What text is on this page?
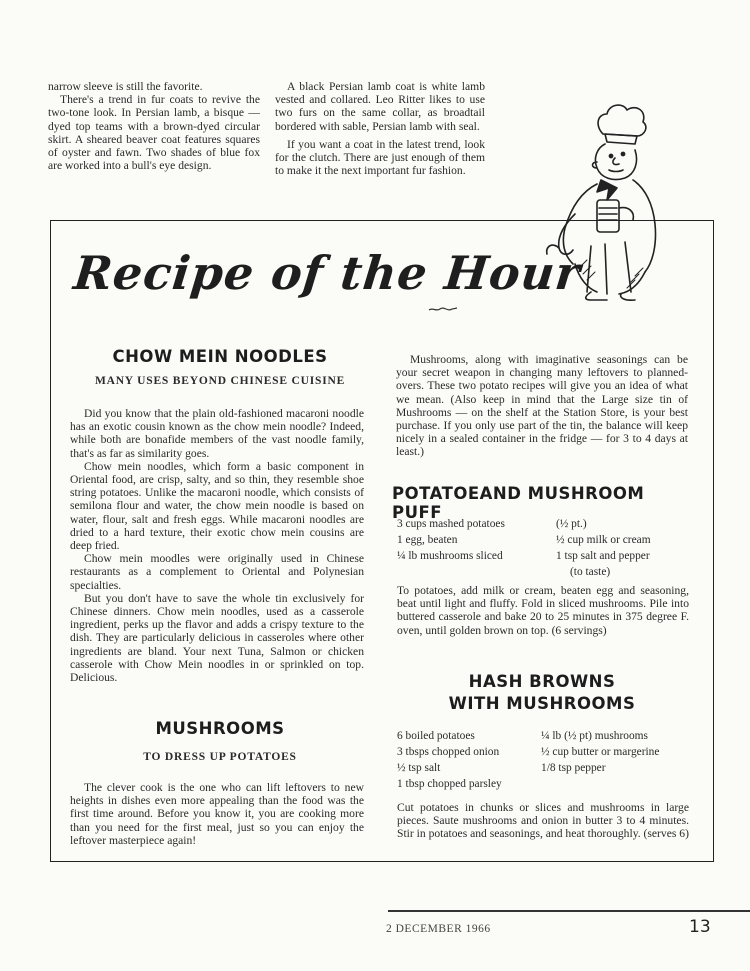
narrow sleeve is still the favorite.

There's a trend in fur coats to revive the two-tone look. In Persian lamb, a bisque — dyed top teams with a brown-dyed circular skirt. A sheared beaver coat features squares of oyster and fawn. Two shades of blue fox are worked into a bull's eye design.

A black Persian lamb coat is white lamb vested and collared. Leo Ritter likes to use two furs on the same collar, as broadtail bordered with sable, Persian lamb with seal.

If you want a coat in the latest trend, look for the clutch. There are just enough of them to make it the next important fur fashion.

Recipe of the Hour
CHOW MEIN NOODLES
MANY USES BEYOND CHINESE CUISINE

Did you know that the plain old-fashioned macaroni noodle has an exotic cousin known as the chow mein noodle? Indeed, while both are bonafide members of the vast noodle family, that's as far as similarity goes.

Chow mein noodles, which form a basic component in Oriental food, are crisp, salty, and so thin, they resemble shoe string potatoes. Unlike the macaroni noodle, which consists of semilona flour and water, the chow mein noodle is based on water, flour, salt and fresh eggs. While macaroni noodles are dried to a hard texture, their exotic chow mein cousins are deep fried.

Chow mein moodles were originally used in Chinese restaurants as a complement to Oriental and Polynesian specialties.

But you don't have to save the whole tin exclusively for Chinese dinners. Chow mein noodles, used as a casserole ingredient, perks up the flavor and adds a crispy texture to the dish. They are particularly delicious in casseroles where other ingredients are bland. Your next Tuna, Salmon or chicken casserole with Chow Mein noodles in or sprinkled on top. Delicious.

MUSHROOMS
TO DRESS UP POTATOES

The clever cook is the one who can lift leftovers to new heights in dishes even more appealing than the food was the first time around. Before you know it, you are cooking more than you need for the first meal, just so you can enjoy the leftover masterpiece again!

Mushrooms, along with imaginative seasonings can be your secret weapon in changing many leftovers to planned-overs. These two potato recipes will give you an idea of what we mean. (Also keep in mind that the Large size tin of Mushrooms — on the shelf at the Station Store, is your best purchase. If you only use part of the tin, the balance will keep nicely in a sealed container in the fridge — for 3 to 4 days at least.)

POTATOEAND MUSHROOM PUFF
3 cups mashed potatoes
1 egg, beaten
¼ lb mushrooms sliced
(½ pt.)
½ cup milk or cream
1 tsp salt and pepper
(to taste)

To potatoes, add milk or cream, beaten egg and seasoning, beat until light and fluffy. Fold in sliced mushrooms. Pile into buttered casserole and bake 20 to 25 minutes in 375 degree F. oven, until golden brown on top. (6 servings)

HASH BROWNS
WITH MUSHROOMS
6 boiled potatoes
3 tbsps chopped onion
½ tsp salt
1 tbsp chopped parsley
¼ lb (½ pt) mushrooms
½ cup butter or margerine
1/8 tsp pepper

Cut potatoes in chunks or slices and mushrooms in large pieces. Saute mushrooms and onion in butter 3 to 4 minutes. Stir in potatoes and seasonings, and heat thoroughly. (serves 6)

2 DECEMBER 1966	13
